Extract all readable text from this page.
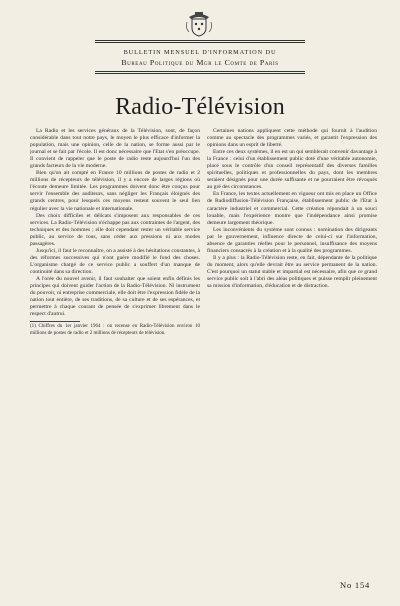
BULLETIN MENSUEL D'INFORMATION DU
Bureau Politique du Mgr le Comte de Paris
Radio-Télévision

La Radio et les services généraux de la Télévision, sont, de façon considérable dans tout notre pays, le moyen le plus efficace d'informer la population, mais une opinion, celle de la nation, se forme aussi par le journal et se fait par l'école. Il est donc nécessaire que l'Etat s'en préoccupe. Il convient de rappeler que le poste de radio reste aujourd'hui l'un des grands facteurs de la vie moderne.

Bien qu'on ait compté en France 10 millions de postes de radio et 2 millions de récepteurs de télévision, il y a encore de larges régions où l'écoute demeure limitée. Les programmes doivent donc être conçus pour servir l'ensemble des auditeurs, sans négliger les Français éloignés des grands centres, pour lesquels ces moyens restent souvent le seul lien régulier avec la vie nationale et internationale.

Des choix difficiles et délicats s'imposent aux responsables de ces services. La Radio-Télévision n'échappe pas aux contraintes de l'argent, des techniques et des hommes ; elle doit cependant rester un véritable service public, au service de tous, sans céder aux pressions ni aux modes passagères.

Jusqu'ici, il faut le reconnaître, on a assisté à des hésitations constantes, à des réformes successives qui n'ont guère modifié le fond des choses. L'organisme chargé de ce service public a souffert d'un manque de continuité dans sa direction.

A l'orée du nouvel avenir, il faut souhaiter que soient enfin définis les principes qui doivent guider l'action de la Radio-Télévision. Ni instrument du pouvoir, ni entreprise commerciale, elle doit être l'expression fidèle de la nation tout entière, de ses traditions, de sa culture et de ses espérances, et permettre à chaque courant de pensée de s'exprimer librement dans le respect d'autrui.

(1) Chiffres du 1er janvier 1964 : on recense en Radio-Télévision environ 10 millions de postes de radio et 2 millions de récepteurs de télévision.

Certaines nations appliquent cette méthode qui fournit à l'audition comme au spectacle des programmes variés, et garantit l'expression des opinions dans un esprit de liberté.

Entre ces deux systèmes, il en est un qui semblerait convenir davantage à la France : celui d'un établissement public doté d'une véritable autonomie, placé sous le contrôle d'un conseil représentatif des diverses familles spirituelles, politiques et professionnelles du pays, dont les membres seraient désignés pour une durée suffisante et ne pourraient être révoqués au gré des circonstances.

En France, les textes actuellement en vigueur ont mis en place un Office de Radiodiffusion-Télévision Française, établissement public de l'Etat à caractère industriel et commercial. Cette création répondait à un souci louable, mais l'expérience montre que l'indépendance ainsi promise demeure largement théorique.

Les inconvénients du système sont connus : nomination des dirigeants par le gouvernement, influence directe de celui-ci sur l'information, absence de garanties réelles pour le personnel, insuffisance des moyens financiers consacrés à la création et à la qualité des programmes.

Il y a plus : la Radio-Télévision reste, en fait, dépendante de la politique du moment, alors qu'elle devrait être au service permanent de la nation. C'est pourquoi un statut stable et impartial est nécessaire, afin que ce grand service public soit à l'abri des aléas politiques et puisse remplir pleinement sa mission d'information, d'éducation et de distraction.

No 154
